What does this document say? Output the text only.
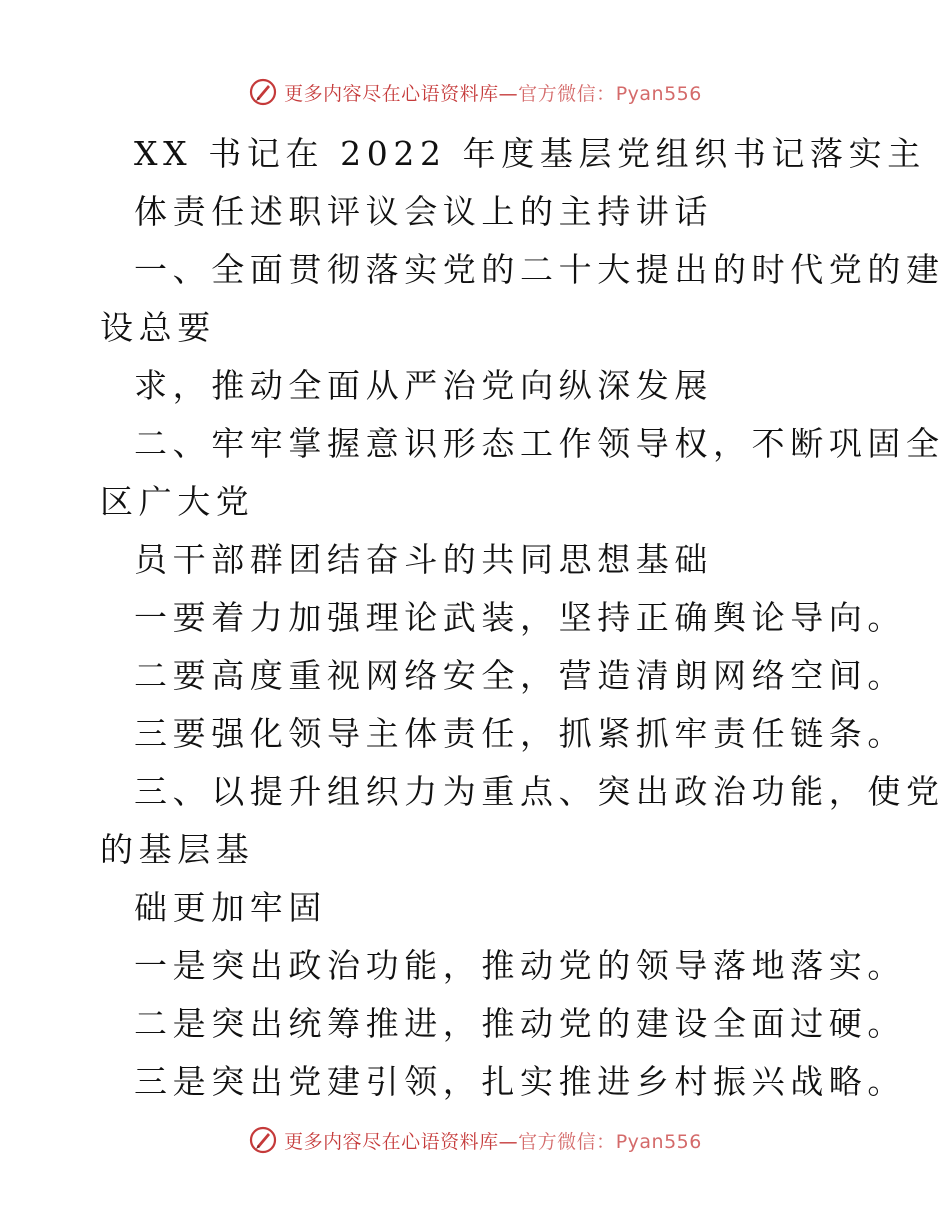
更多内容尽在心语资料库—官方微信：Pyan556
XX 书记在 2022 年度基层党组织书记落实主
体责任述职评议会议上的主持讲话
一、全面贯彻落实党的二十大提出的时代党的建
设总要
求，推动全面从严治党向纵深发展
二、牢牢掌握意识形态工作领导权，不断巩固全
区广大党
员干部群团结奋斗的共同思想基础
一要着力加强理论武装，坚持正确舆论导向。
二要高度重视网络安全，营造清朗网络空间。
三要强化领导主体责任，抓紧抓牢责任链条。
三、以提升组织力为重点、突出政治功能，使党
的基层基
础更加牢固
一是突出政治功能，推动党的领导落地落实。
二是突出统筹推进，推动党的建设全面过硬。
三是突出党建引领，扎实推进乡村振兴战略。
更多内容尽在心语资料库—官方微信：Pyan556
